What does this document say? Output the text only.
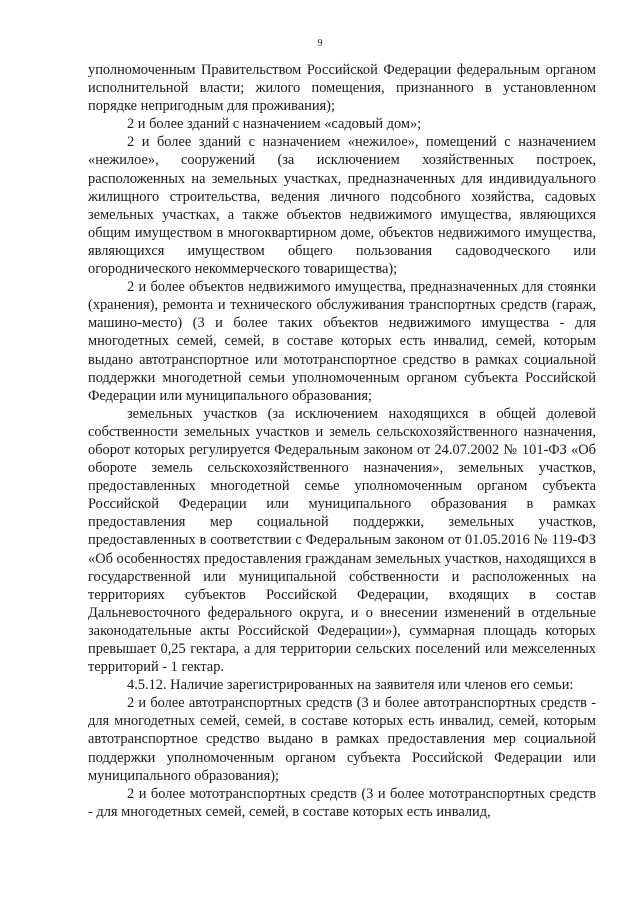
9

уполномоченным Правительством Российской Федерации федеральным органом исполнительной власти; жилого помещения, признанного в установленном порядке непригодным для проживания);

2 и более зданий с назначением «садовый дом»;

2 и более зданий с назначением «нежилое», помещений с назначением «нежилое», сооружений (за исключением хозяйственных построек, расположенных на земельных участках, предназначенных для индивидуального жилищного строительства, ведения личного подсобного хозяйства, садовых земельных участках, а также объектов недвижимого имущества, являющихся общим имуществом в многоквартирном доме, объектов недвижимого имущества, являющихся имуществом общего пользования садоводческого или огороднического некоммерческого товарищества);

2 и более объектов недвижимого имущества, предназначенных для стоянки (хранения), ремонта и технического обслуживания транспортных средств (гараж, машино-место) (3 и более таких объектов недвижимого имущества - для многодетных семей, семей, в составе которых есть инвалид, семей, которым выдано автотранспортное или мототранспортное средство в рамках социальной поддержки многодетной семьи уполномоченным органом субъекта Российской Федерации или муниципального образования;

земельных участков (за исключением находящихся в общей долевой собственности земельных участков и земель сельскохозяйственного назначения, оборот которых регулируется Федеральным законом от 24.07.2002 № 101-ФЗ «Об обороте земель сельскохозяйственного назначения», земельных участков, предоставленных многодетной семье уполномоченным органом субъекта Российской Федерации или муниципального образования в рамках предоставления мер социальной поддержки, земельных участков, предоставленных в соответствии с Федеральным законом от 01.05.2016 № 119-ФЗ «Об особенностях предоставления гражданам земельных участков, находящихся в государственной или муниципальной собственности и расположенных на территориях субъектов Российской Федерации, входящих в состав Дальневосточного федерального округа, и о внесении изменений в отдельные законодательные акты Российской Федерации»), суммарная площадь которых превышает 0,25 гектара, а для территории сельских поселений или межселенных территорий - 1 гектар.

4.5.12. Наличие зарегистрированных на заявителя или членов его семьи:

2 и более автотранспортных средств (3 и более автотранспортных средств - для многодетных семей, семей, в составе которых есть инвалид, семей, которым автотранспортное средство выдано в рамках предоставления мер социальной поддержки уполномоченным органом субъекта Российской Федерации или муниципального образования);

2 и более мототранспортных средств (3 и более мототранспортных средств - для многодетных семей, семей, в составе которых есть инвалид,
